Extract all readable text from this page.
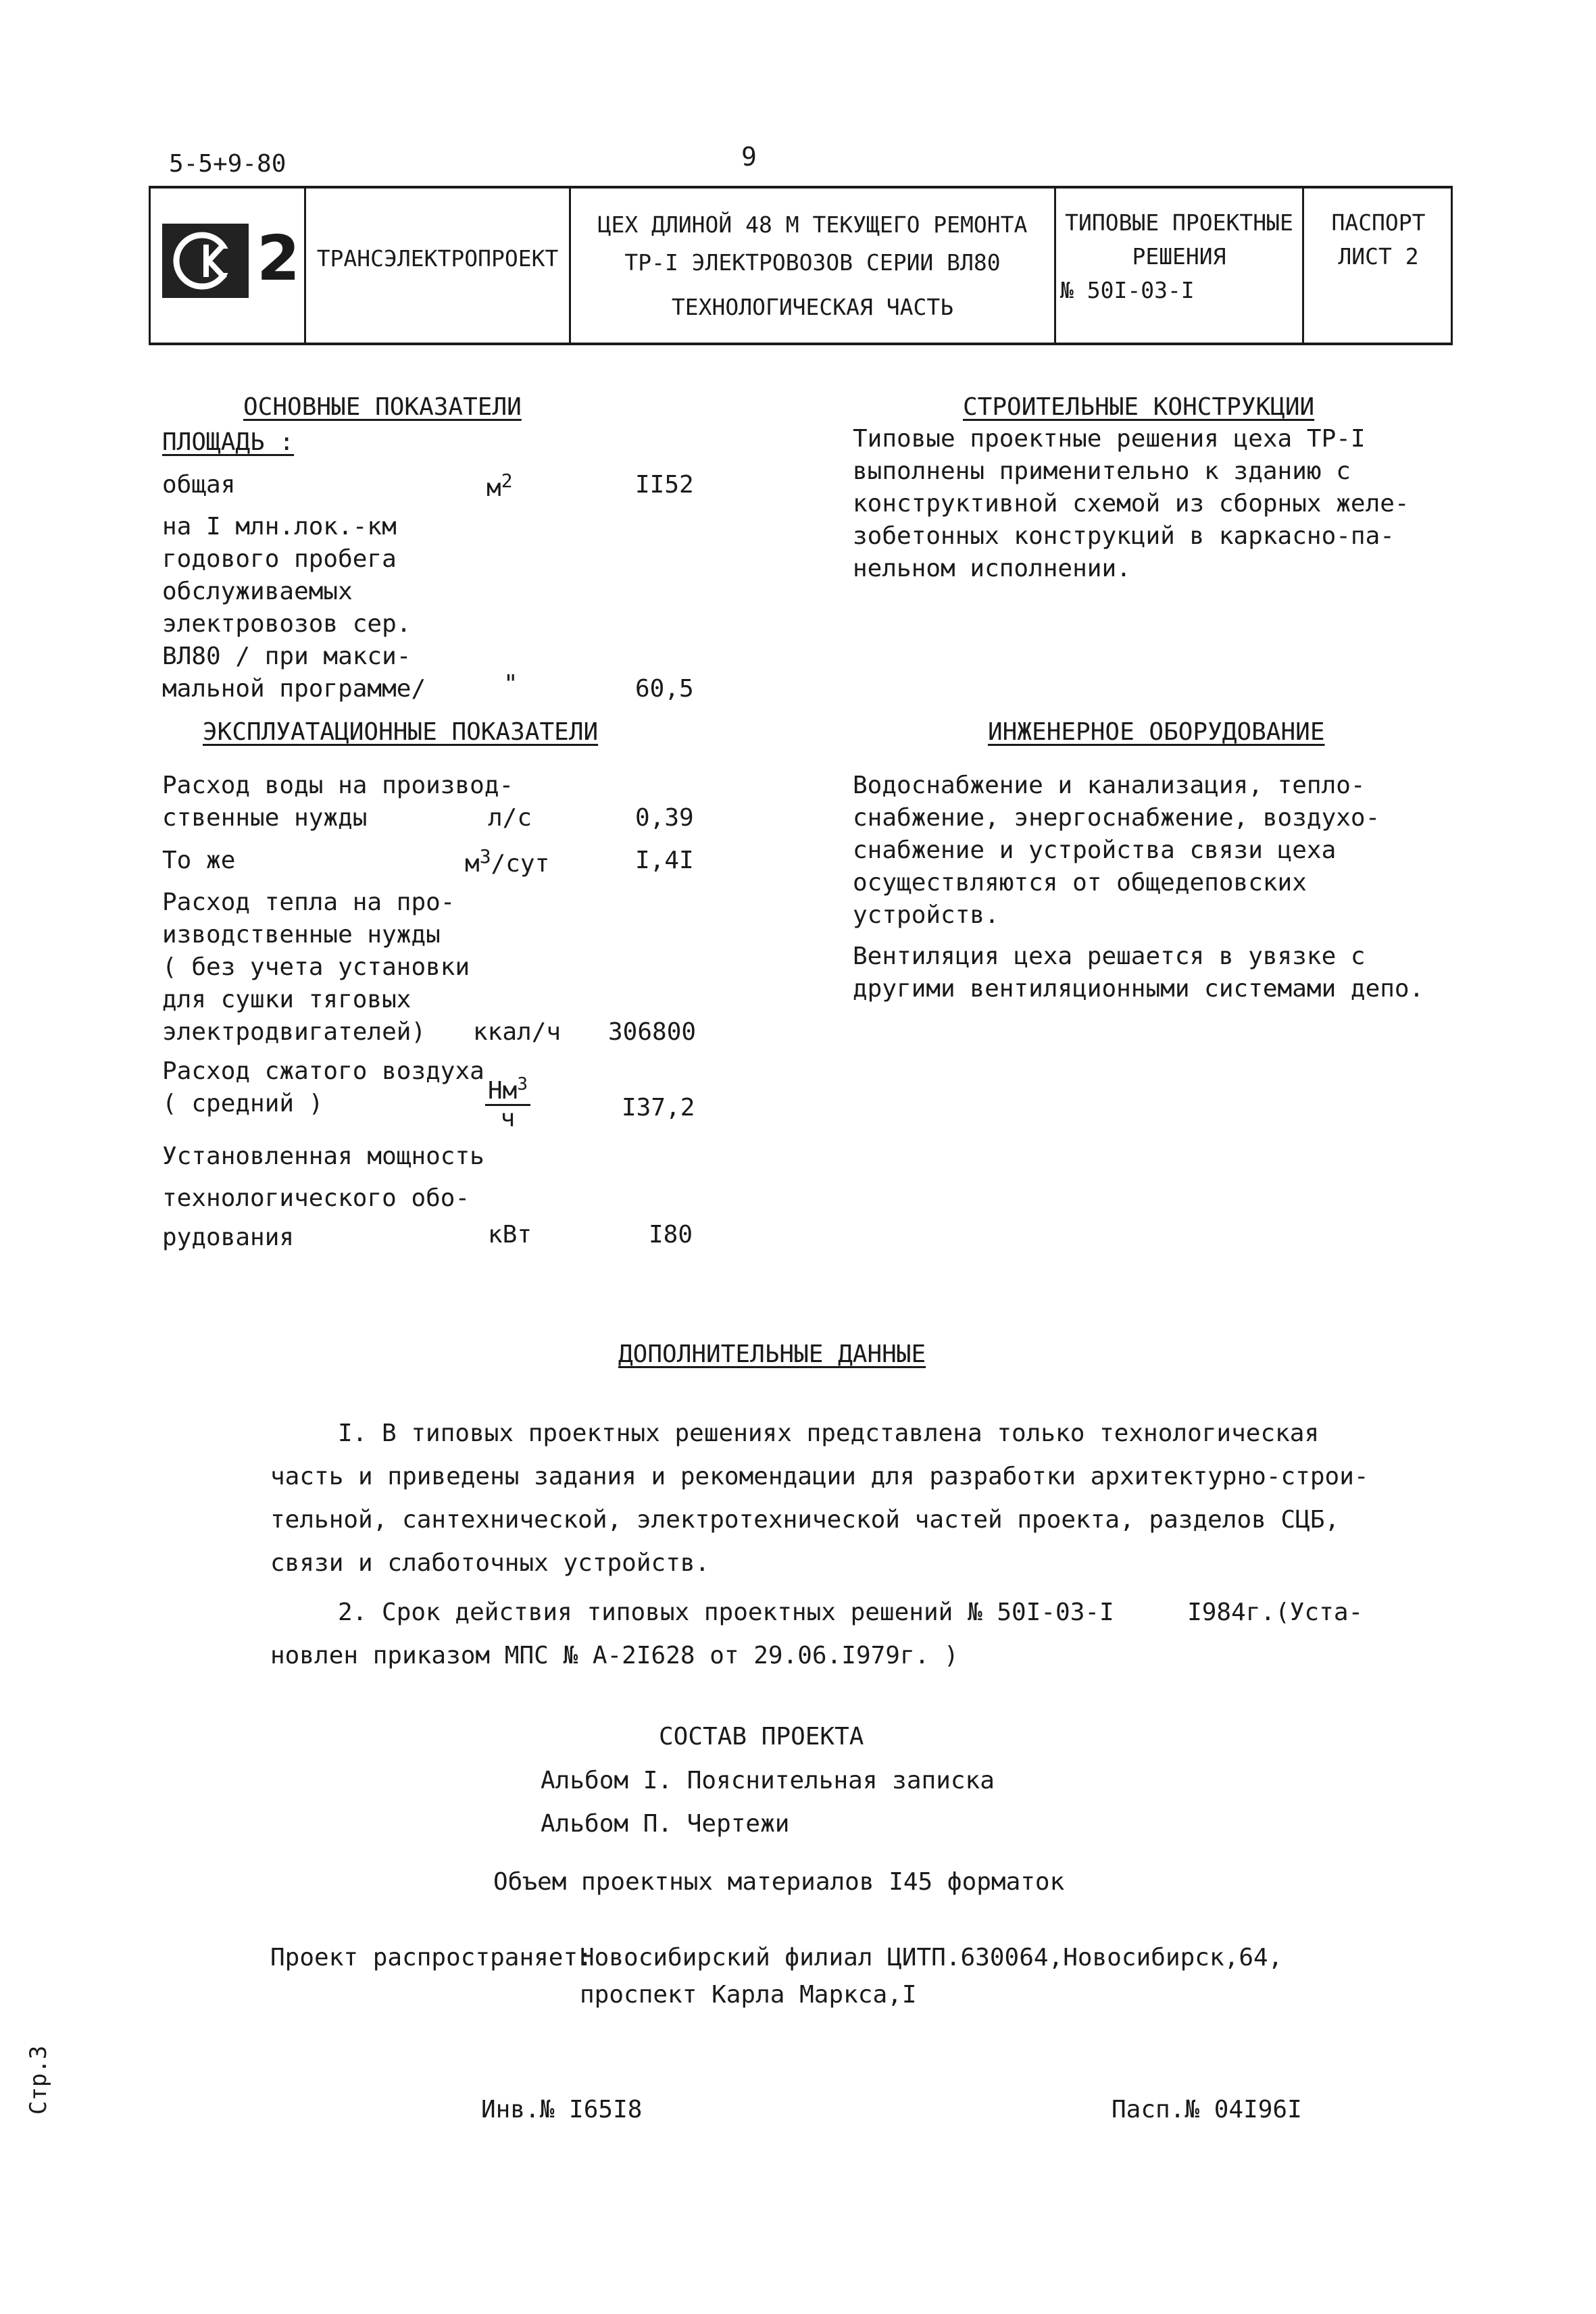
5-5+9-80	9
2 ТРАНСЭЛЕКТРОПРОЕКТ
ЦЕХ ДЛИНОЙ 48 М ТЕКУЩЕГО РЕМОНТА
ТР-I ЭЛЕКТРОВОЗОВ СЕРИИ ВЛ80
ТЕХНОЛОГИЧЕСКАЯ ЧАСТЬ
ТИПОВЫЕ ПРОЕКТНЫЕ
РЕШЕНИЯ
№ 50I-03-I
ПАСПОРТ
ЛИСТ 2
ОСНОВНЫЕ ПОКАЗАТЕЛИ
ПЛОЩАДЬ :
общая	$м^2$	II52
на I млн.лок.-км
годового пробега
обслуживаемых
электровозов сер.
ВЛ80 / при макси-
мальной программе/	"	60,5
ЭКСПЛУАТАЦИОННЫЕ ПОКАЗАТЕЛИ
Расход воды на производ-
ственные нужды	л/с	0,39
То же	$м^3$/сут	I,4I
Расход тепла на про-
изводственные нужды
( без учета установки
для сушки тяговых
электродвигателей)	ккал/ч 306800
Расход сжатого воздуха
( средний )	$\frac{Нм^3}{ч}$	I37,2
Установленная мощность
технологического обо-
рудования	кВт	I80
СТРОИТЕЛЬНЫЕ КОНСТРУКЦИИ
Типовые проектные решения цеха ТР-I
выполнены применительно к зданию с
конструктивной схемой из сборных желе-
зобетонных конструкций в каркасно-па-
нельном исполнении.
ИНЖЕНЕРНОЕ ОБОРУДОВАНИЕ
Водоснабжение и канализация, тепло-
снабжение, энергоснабжение, воздухо-
снабжение и устройства связи цеха
осуществляются от общедеповских
устройств.
Вентиляция цеха решается в увязке с
другими вентиляционными системами депо.
ДОПОЛНИТЕЛЬНЫЕ ДАННЫЕ
I. В типовых проектных решениях представлена только технологическая
часть и приведены задания и рекомендации для разработки архитектурно-строи-
тельной, сантехнической, электротехнической частей проекта, разделов СЦБ,
связи и слаботочных устройств.
2. Срок действия типовых проектных решений № 50I-03-I     I984г.(Уста-
новлен приказом МПС № А-2I628 от 29.06.I979г. )
СОСТАВ ПРОЕКТА
Альбом I. Пояснительная записка
Альбом П. Чертежи
Объем проектных материалов I45 форматок
Проект распространяет:
Новосибирский филиал ЦИТП.630064,Новосибирск,64,
проспект Карла Маркса,I
Инв.№ I65I8	Пасп.№ 04I96I
Стр.3
